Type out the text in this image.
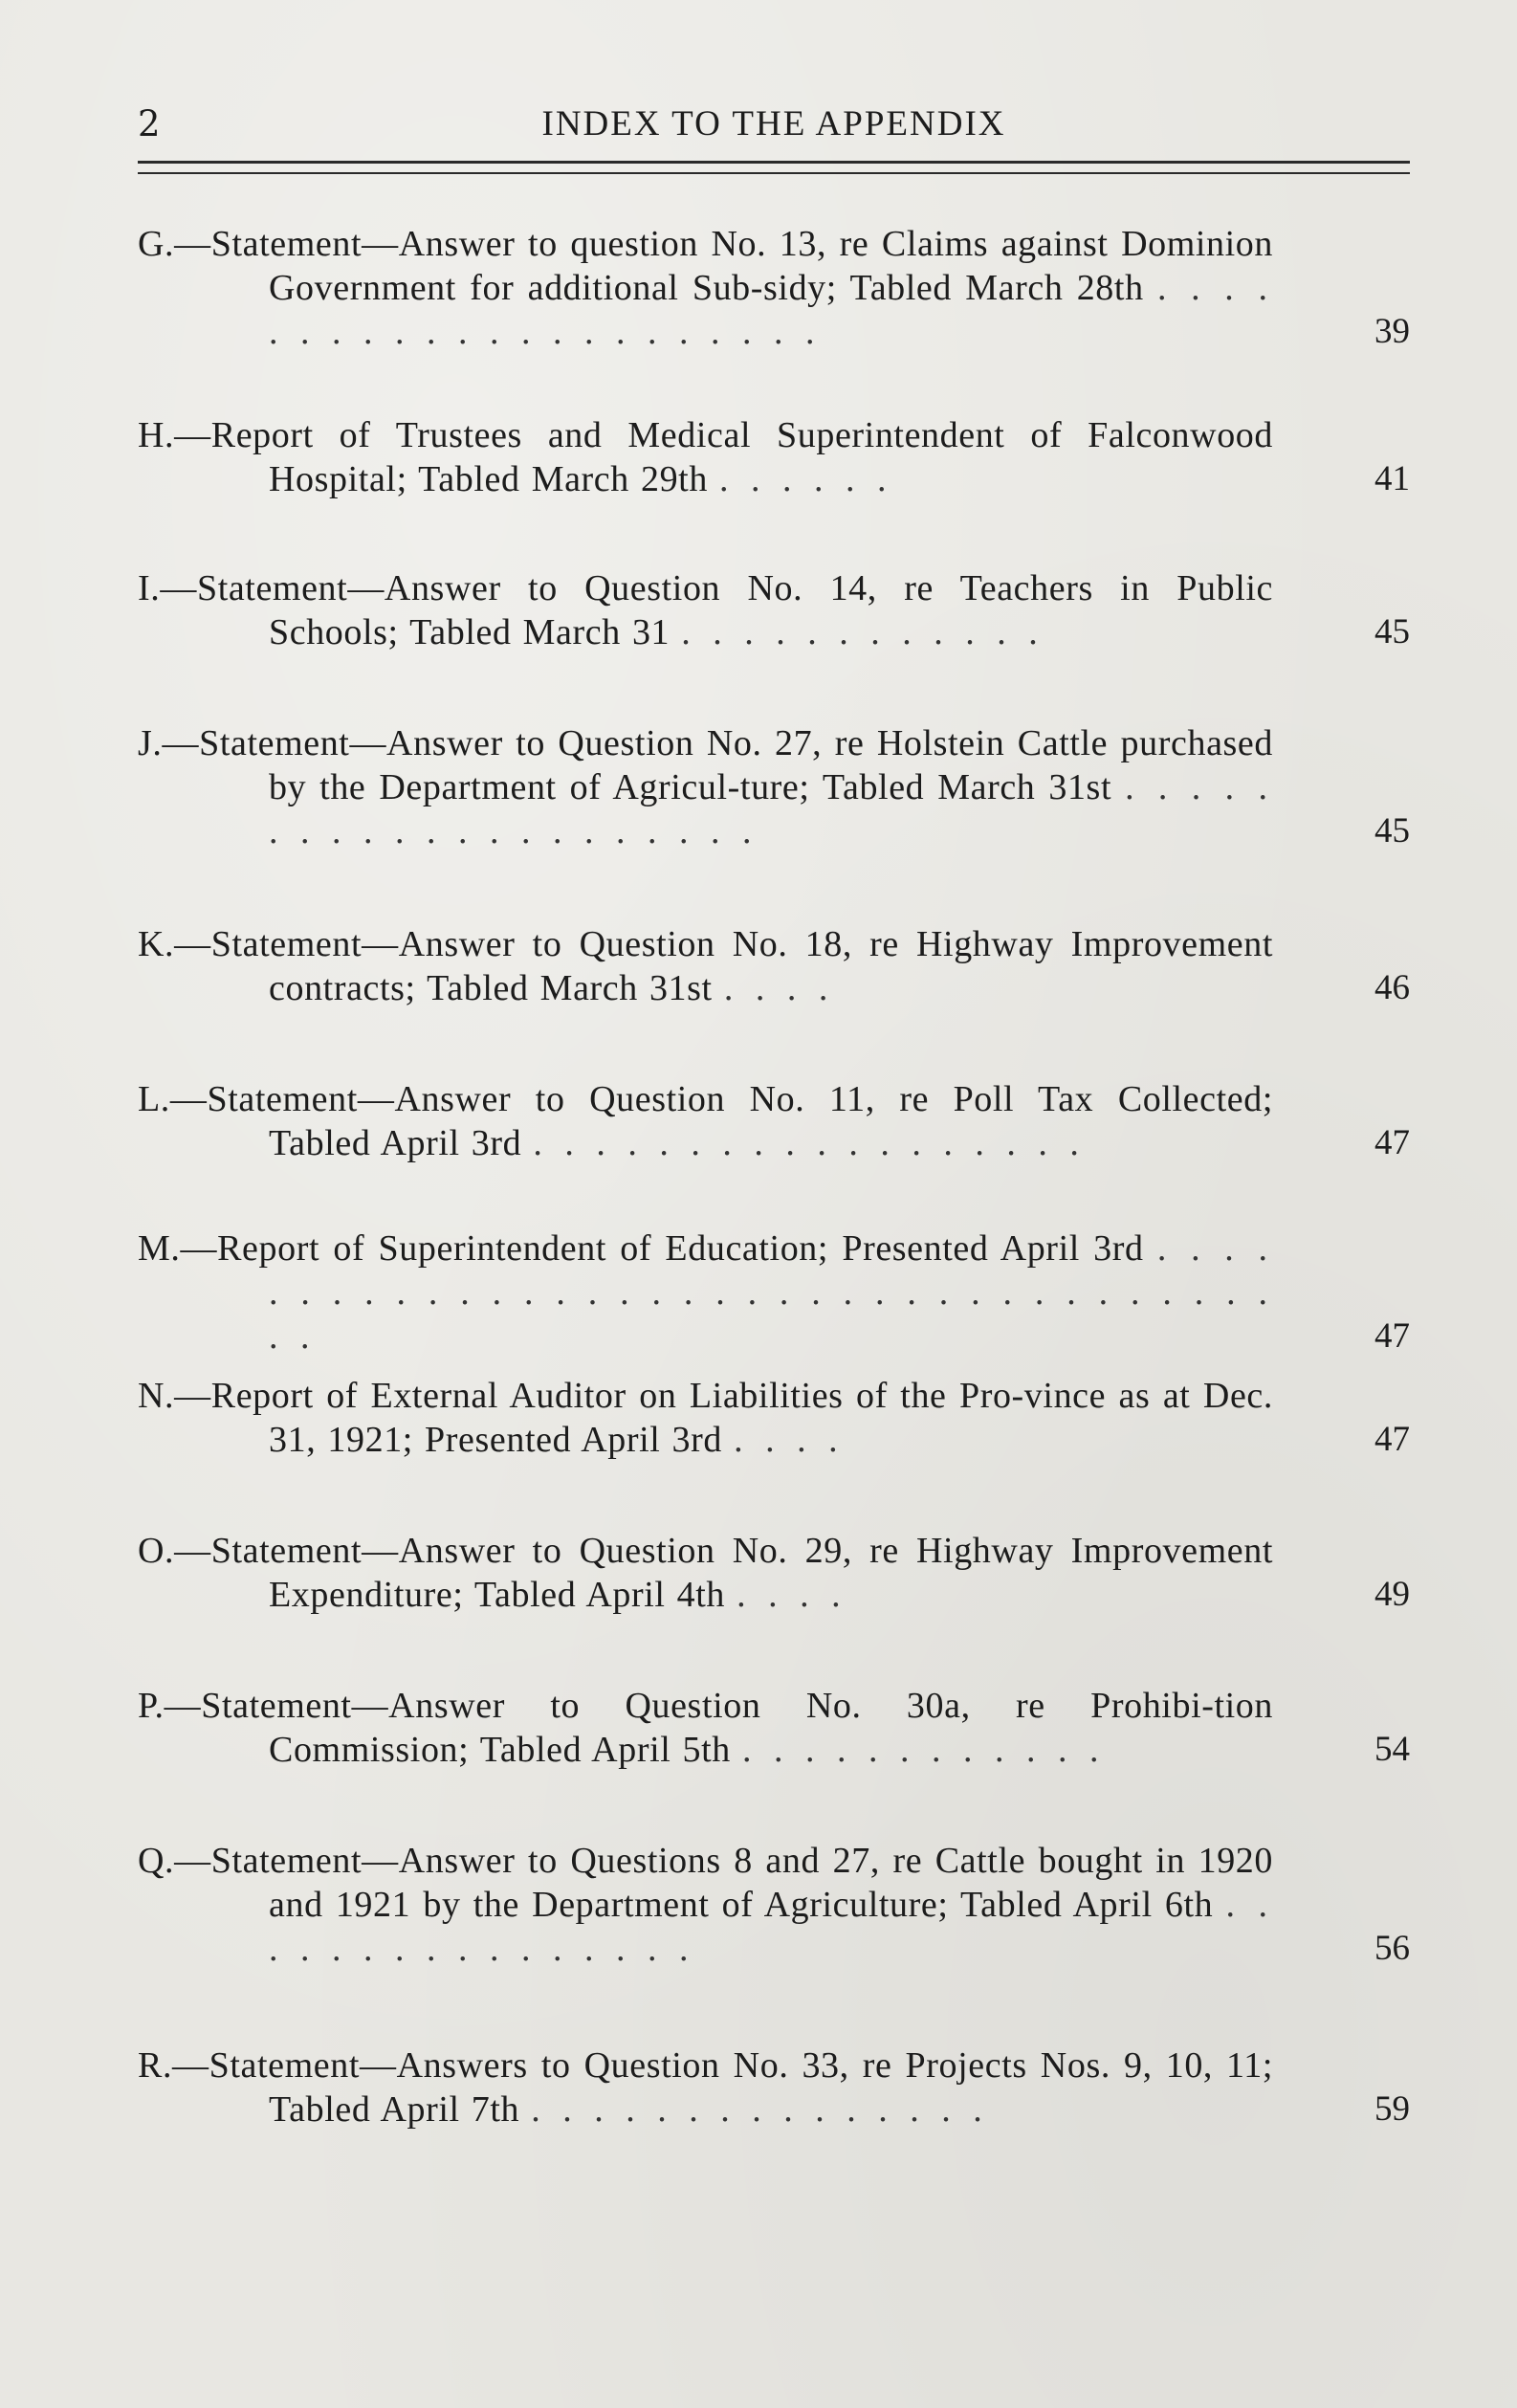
2	INDEX TO THE APPENDIX
G.—Statement—Answer to question No. 13, re Claims against Dominion Government for additional Sub-sidy; Tabled March 28th . . . . . . . . . . . . . . . . . . . . . .	39
H.—Report of Trustees and Medical Superintendent of Falconwood Hospital; Tabled March 29th . . . . . .	41
I.—Statement—Answer to Question No. 14, re Teachers in Public Schools; Tabled March 31 . . . . . . . . . . . .	45
J.—Statement—Answer to Question No. 27, re Holstein Cattle purchased by the Department of Agricul-ture; Tabled March 31st . . . . . . . . . . . . . . . . . . . . .	45
K.—Statement—Answer to Question No. 18, re Highway Improvement contracts; Tabled March 31st . . . .	46
L.—Statement—Answer to Question No. 11, re Poll Tax Collected; Tabled April 3rd . . . . . . . . . . . . . . . . . .	47
M.—Report of Superintendent of Education; Presented April 3rd . . . . . . . . . . . . . . . . . . . . . . . . . . . . . . . . . . . . . .	47
N.—Report of External Auditor on Liabilities of the Pro-vince as at Dec. 31, 1921; Presented April 3rd . . . .	47
O.—Statement—Answer to Question No. 29, re Highway Improvement Expenditure; Tabled April 4th . . . .	49
P.—Statement—Answer to Question No. 30a, re Prohibi-tion Commission; Tabled April 5th . . . . . . . . . . . .	54
Q.—Statement—Answer to Questions 8 and 27, re Cattle bought in 1920 and 1921 by the Department of Agriculture; Tabled April 6th . . . . . . . . . . . . . . . .	56
R.—Statement—Answers to Question No. 33, re Projects Nos. 9, 10, 11; Tabled April 7th . . . . . . . . . . . . . . .	59
